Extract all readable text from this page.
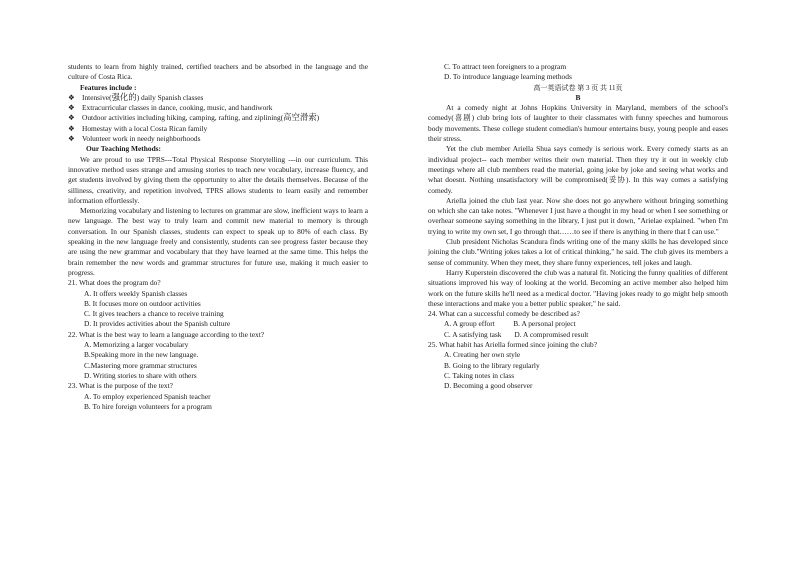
students to learn from highly trained, certified teachers and be absorbed in the language and the culture of Costa Rica.

Features include :

❖ Intensive(强化的) daily Spanish classes

❖ Extracurricular classes in dance, cooking, music, and handiwork

❖ Outdoor activities including hiking, camping, rafting, and ziplining(高空滑索)

❖ Homestay with a local Costa Rican family

❖ Volunteer work in needy neighborhoods

Our Teaching Methods:

We are proud to use TPRS---Total Physical Response Storytelling ---in our curriculum. This innovative method uses strange and amusing stories to teach new vocabulary, increase fluency, and get students involved by giving them the opportunity to alter the details themselves. Because of the silliness, creativity, and repetition involved, TPRS allows students to learn easily and remember information effortlessly.

Memorizing vocabulary and listening to lectures on grammar are slow, inefficient ways to learn a new language. The best way to truly learn and commit new material to memory is through conversation. In our Spanish classes, students can expect to speak up to 80% of each class. By speaking in the new language freely and consistently, students can see progress faster because they are using the new grammar and vocabulary that they have learned at the same time. This helps the brain remember the new words and grammar structures for future use, making it much easier to progress.

21. What does the program do?

A. It offers weekly Spanish classes

B. It focuses more on outdoor activities

C. It gives teachers a chance to receive training

D. It provides activities about the Spanish culture

22. What is the best way to learn a language according to the text?

A. Memorizing a larger vocabulary

B.Speaking more in the new language.

C.Mastering more grammar structures

D. Writing stories to share with others

23. What is the purpose of the text?

A. To employ experienced Spanish teacher

B. To hire foreign volunteers for a program

C. To attract teen foreigners to a program

D. To introduce language learning methods

高一英语试卷 第 3 页 共 11页

B

At a comedy night at Johns Hopkins University in Maryland, members of the school's comedy(喜剧) club bring lots of laughter to their classmates with funny speeches and humorous body movements. These college student comedian's humour entertains busy, young people and eases their stress.

Yet the club member Ariella Shua says comedy is serious work. Every comedy starts as an individual project-- each member writes their own material. Then they try it out in weekly club meetings where all club members read the material, going joke by joke and seeing what works and what doesnt. Nothing unsatisfactory will be compromised(妥协). In this way comes a satisfying comedy.

Ariella joined the club last year. Now she does not go anywhere without bringing something on which she can take notes. "Whenever I just have a thought in my head or when I see something or overhear someone saying something in the library, I just put it down, "Arielae explained. "when I'm trying to write my own set, I go through that……to see if there is anything in there that I can use."

Club president Nicholas Scandura finds writing one of the many skills he has developed since joining the club."Writing jokes takes a lot of critical thinking," he said. The club gives its members a sense of community. When they meet, they share funny experiences, tell jokes and laugh.

Harry Kuperstein discovered the club was a natural fit. Noticing the funny qualities of different situations improved his way of looking at the world. Becoming an active member also helped him work on the future skills he'll need as a medical doctor. "Having jokes ready to go might help smooth these interactions and make you a better public speaker," he said.

24. What can a successful comedy be described as?

A. A group effort          B. A personal project

C. A satisfying task       D. A compromised result

25. What habit has Ariella formed since joining the club?

A. Creating her own style

B. Going to the library regularly

C. Taking notes in class

D. Becoming a good observer
